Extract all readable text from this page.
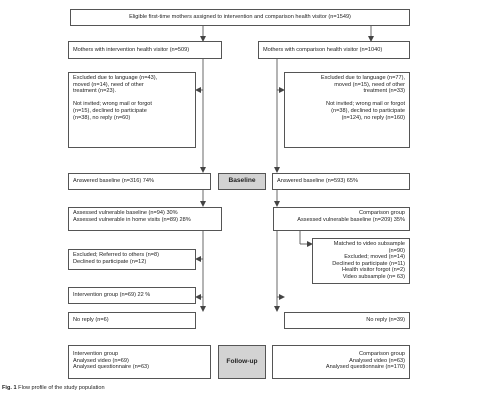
Eligible first-time mothers assigned to intervention and comparison health visitor (n=1549)
Mothers with intervention health visitor (n=509)	Mothers with comparison health visitor (n=1040)
Excluded due to language (n=43),
moved (n=14), need of other
treatment (n=23).

Not invited; wrong mail or forgot
(n=15), declined to participate
(n=38), no reply (n=60)
Excluded due to language (n=77),
moved (n=15), need of other
treatment (n=33)

Not invited; wrong mail or forgot
(n=38), declined to participate
(n=124), no reply (n=160)
Answered baseline (n=316) 74%	Baseline	Answered baseline (n=593) 65%
Assessed vulnerable baseline (n=94) 30%
Assessed vulnerable in home visits (n=89) 28%
Comparison group
Assessed vulnerable baseline (n=209) 35%
Excluded; Referred to others (n=8)
Declined to participate (n=12)
Matched to video subsample (n=90)
Excluded; moved (n=14)
Declined to participate (n=11)
Health visitor forgot (n=2)
Video subsample (n= 63)
Intervention group (n=69) 22 %
No reply (n=6)	No reply (n=39)
Intervention group
Analysed video (n=69)
Analysed questionnaire (n=63)
Follow-up
Comparison group
Analysed video (n=63)
Analysed questionnaire (n=170)
Fig. 1 Flow profile of the study population
